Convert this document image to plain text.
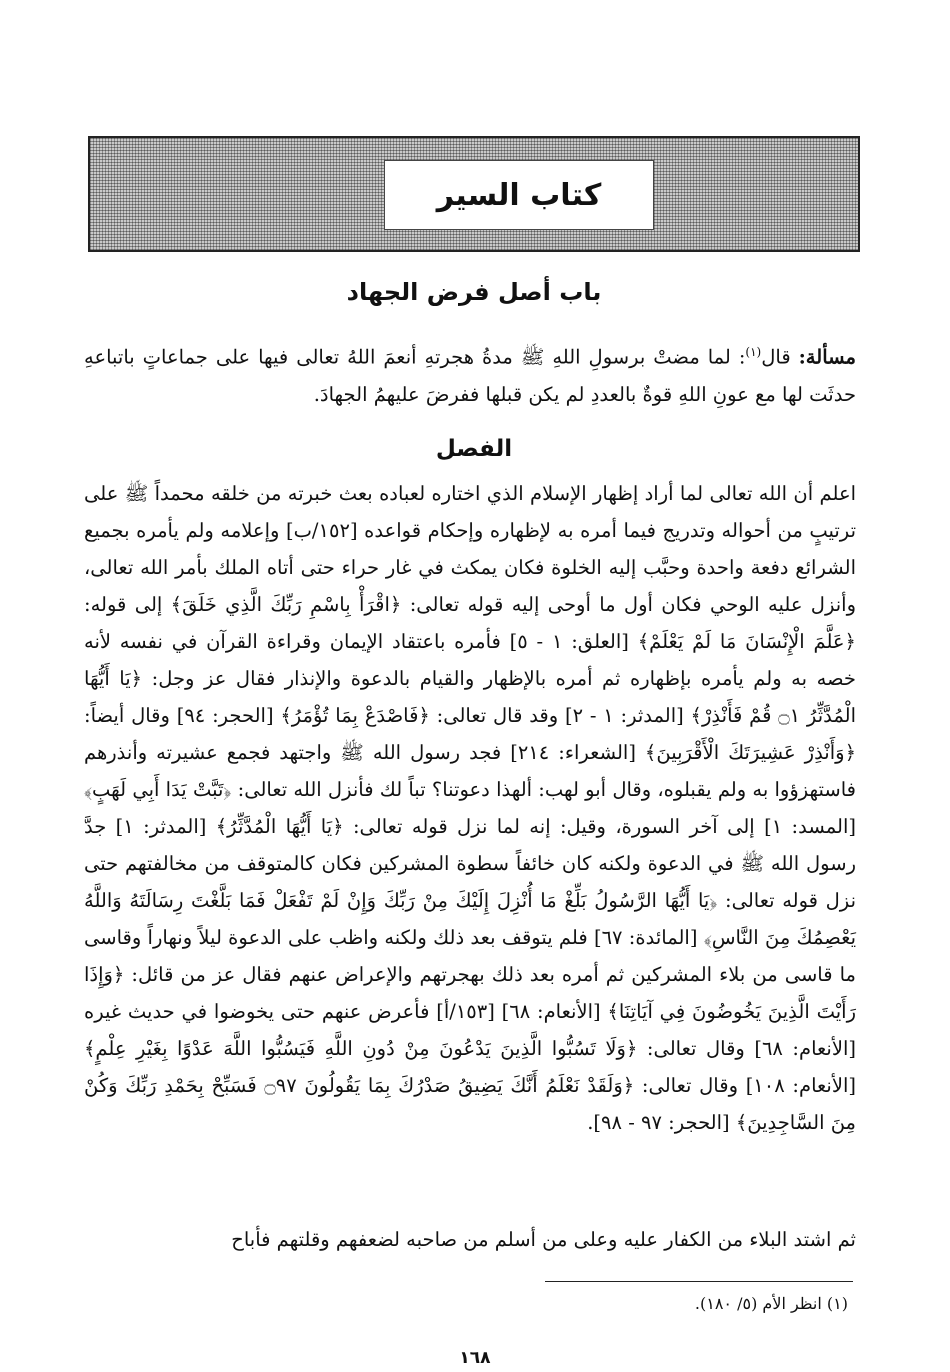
كتاب السير
باب أصل فرض الجهاد

مسألة: قال$^{(١)}$: لما مضتْ برسولِ اللهِ ﷺ مدةُ هجرتهِ أنعمَ اللهُ تعالى فيها على جماعاتٍ باتباعهِ حدثَت لها مع عونِ اللهِ قوةٌ بالعددِ لم يكن قبلها ففرضَ عليهمُ الجهادَ.

الفصل

اعلم أن الله تعالى لما أراد إظهار الإسلام الذي اختاره لعباده بعث خبرته من خلقه محمداً ﷺ على ترتيبٍ من أحواله وتدريج فيما أمره به لإظهاره وإحكام قواعده [١٥٢/ب] وإعلامه ولم يأمره بجميع الشرائع دفعة واحدة وحبَّب إليه الخلوة فكان يمكث في غار حراء حتى أتاه الملك بأمر الله تعالى، وأنزل عليه الوحي فكان أول ما أوحى إليه قوله تعالى: ﴿اقْرَأْ بِاسْمِ رَبِّكَ الَّذِي خَلَقَ﴾ إلى قوله: ﴿عَلَّمَ الْإِنْسَانَ مَا لَمْ يَعْلَمْ﴾ [العلق: ١ - ٥] فأمره باعتقاد الإيمان وقراءة القرآن في نفسه لأنه خصه به ولم يأمره بإظهاره ثم أمره بالإظهار والقيام بالدعوة والإنذار فقال عز وجل: ﴿يَا أَيُّهَا الْمُدَّثِّرُ ۝١ قُمْ فَأَنْذِرْ﴾ [المدثر: ١ - ٢] وقد قال تعالى: ﴿فَاصْدَعْ بِمَا تُؤْمَرُ﴾ [الحجر: ٩٤] وقال أيضاً: ﴿وَأَنْذِرْ عَشِيرَتَكَ الْأَقْرَبِينَ﴾ [الشعراء: ٢١٤] فجد رسول الله ﷺ واجتهد فجمع عشيرته وأنذرهم فاستهزؤوا به ولم يقبلوه، وقال أبو لهب: ألهذا دعوتنا؟ تباً لك فأنزل الله تعالى: ﴿تَبَّتْ يَدَا أَبِي لَهَبٍ﴾ [المسد: ١] إلى آخر السورة، وقيل: إنه لما نزل قوله تعالى: ﴿يَا أَيُّهَا الْمُدَّثِّرُ﴾ [المدثر: ١] جدَّ رسول الله ﷺ في الدعوة ولكنه كان خائفاً سطوة المشركين فكان كالمتوقف من مخالفتهم حتى نزل قوله تعالى: ﴿يَا أَيُّهَا الرَّسُولُ بَلِّغْ مَا أُنْزِلَ إِلَيْكَ مِنْ رَبِّكَ وَإِنْ لَمْ تَفْعَلْ فَمَا بَلَّغْتَ رِسَالَتَهُ وَاللَّهُ يَعْصِمُكَ مِنَ النَّاسِ﴾ [المائدة: ٦٧] فلم يتوقف بعد ذلك ولكنه واظب على الدعوة ليلاً ونهاراً وقاسى ما قاسى من بلاء المشركين ثم أمره بعد ذلك بهجرتهم والإعراض عنهم فقال عز من قائل: ﴿وَإِذَا رَأَيْتَ الَّذِينَ يَخُوضُونَ فِي آيَاتِنَا﴾ [الأنعام: ٦٨] [١٥٣/أ] فأعرض عنهم حتى يخوضوا في حديث غيره [الأنعام: ٦٨] وقال تعالى: ﴿وَلَا تَسُبُّوا الَّذِينَ يَدْعُونَ مِنْ دُونِ اللَّهِ فَيَسُبُّوا اللَّهَ عَدْوًا بِغَيْرِ عِلْمٍ﴾ [الأنعام: ١٠٨] وقال تعالى: ﴿وَلَقَدْ نَعْلَمُ أَنَّكَ يَضِيقُ صَدْرُكَ بِمَا يَقُولُونَ ۝٩٧ فَسَبِّحْ بِحَمْدِ رَبِّكَ وَكُنْ مِنَ السَّاجِدِينَ﴾ [الحجر: ٩٧ - ٩٨].

ثم اشتد البلاء من الكفار عليه وعلى من أسلم من صاحبه لضعفهم وقلتهم فأباح

(١) انظر الأم (٥/ ١٨٠).
١٦٨
